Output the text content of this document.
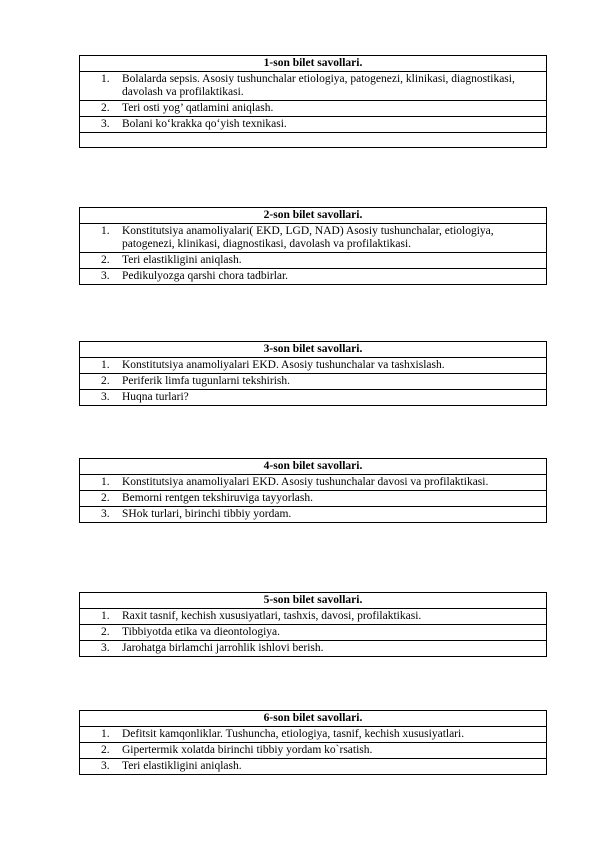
1-son bilet savollari.
1. Bolalarda sepsis. Asosiy tushunchalar etiologiya, patogenezi, klinikasi, diagnostikasi, davolash va profilaktikasi.
2. Teri osti yog’ qatlamini aniqlash.
3. Bolani ko‘krakka qo‘yish texnikasi.

2-son bilet savollari.
1. Konstitutsiya anamoliyalari( EKD, LGD, NAD) Asosiy tushunchalar, etiologiya, patogenezi, klinikasi, diagnostikasi, davolash va profilaktikasi.
2. Teri elastikligini aniqlash.
3. Pedikulyozga qarshi chora tadbirlar.
3-son bilet savollari.
1. Konstitutsiya anamoliyalari EKD. Asosiy tushunchalar va tashxislash.
2. Periferik limfa tugunlarni tekshirish.
3. Huqna turlari?
4-son bilet savollari.
1. Konstitutsiya anamoliyalari EKD. Asosiy tushunchalar davosi va profilaktikasi.
2. Bemorni rentgen tekshiruviga tayyorlash.
3. SHok turlari, birinchi tibbiy yordam.
5-son bilet savollari.
1. Raxit tasnif, kechish xususiyatlari, tashxis, davosi, profilaktikasi.
2. Tibbiyotda etika va dieontologiya.
3. Jarohatga birlamchi jarrohlik ishlovi berish.
6-son bilet savollari.
1. Defitsit kamqonliklar. Tushuncha, etiologiya, tasnif, kechish xususiyatlari.
2. Gipertermik xolatda birinchi tibbiy yordam ko`rsatish.
3. Teri elastikligini aniqlash.
